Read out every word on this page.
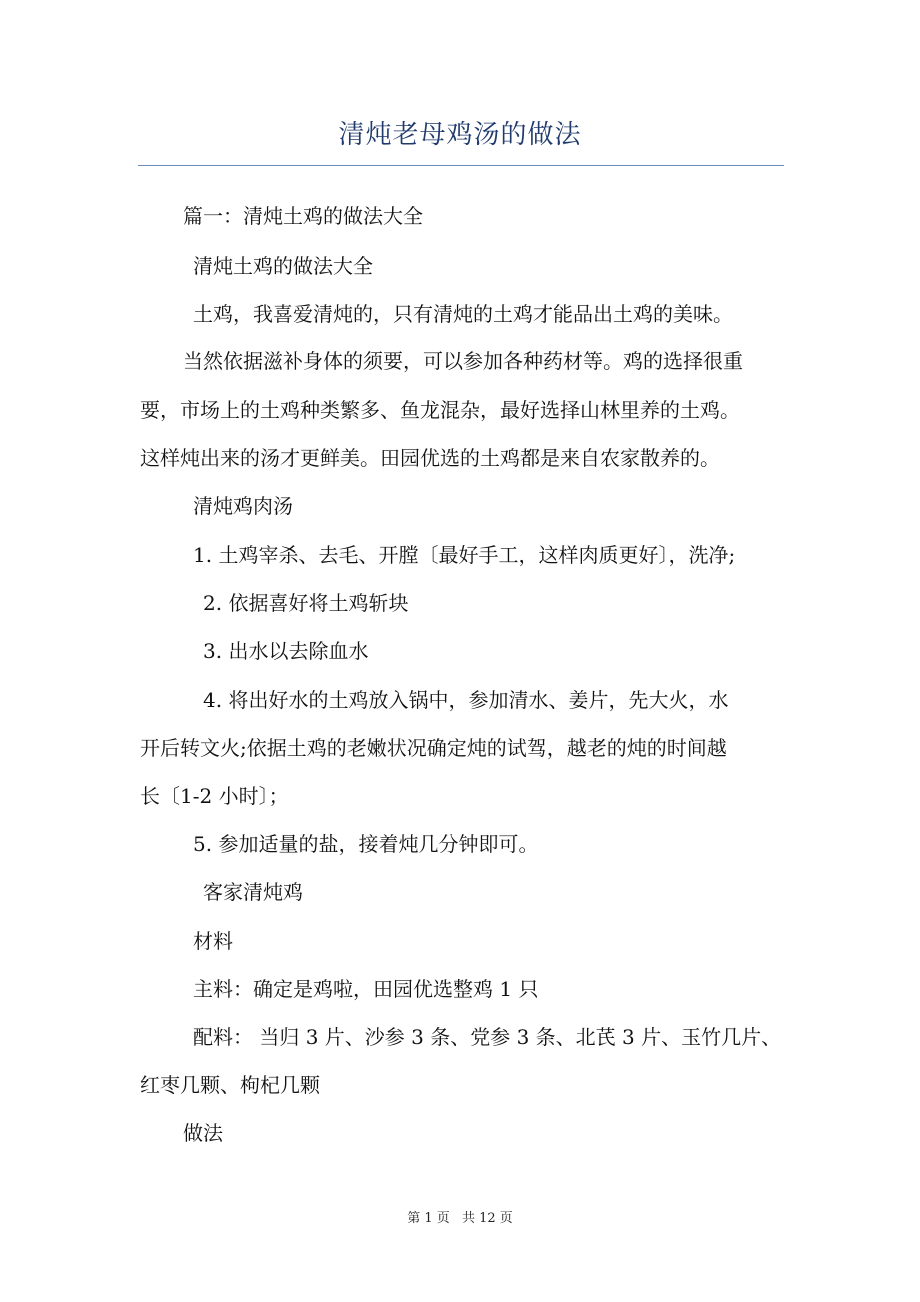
清炖老母鸡汤的做法
篇一：清炖土鸡的做法大全
清炖土鸡的做法大全
土鸡，我喜爱清炖的，只有清炖的土鸡才能品出土鸡的美味。
当然依据滋补身体的须要，可以参加各种药材等。鸡的选择很重
要，市场上的土鸡种类繁多、鱼龙混杂，最好选择山林里养的土鸡。
这样炖出来的汤才更鲜美。田园优选的土鸡都是来自农家散养的。
清炖鸡肉汤
1. 土鸡宰杀、去毛、开膛〔最好手工，这样肉质更好〕，洗净;
2. 依据喜好将土鸡斩块
3. 出水以去除血水
4. 将出好水的土鸡放入锅中，参加清水、姜片，先大火，水
开后转文火;依据土鸡的老嫩状况确定炖的试驾，越老的炖的时间越
长〔1-2 小时〕；
5. 参加适量的盐，接着炖几分钟即可。
客家清炖鸡
材料
主料：确定是鸡啦，田园优选整鸡 1 只
配料： 当归 3 片、沙参 3 条、党参 3 条、北芪 3 片、玉竹几片、
红枣几颗、枸杞几颗
做法
第 1 页 共 12 页
